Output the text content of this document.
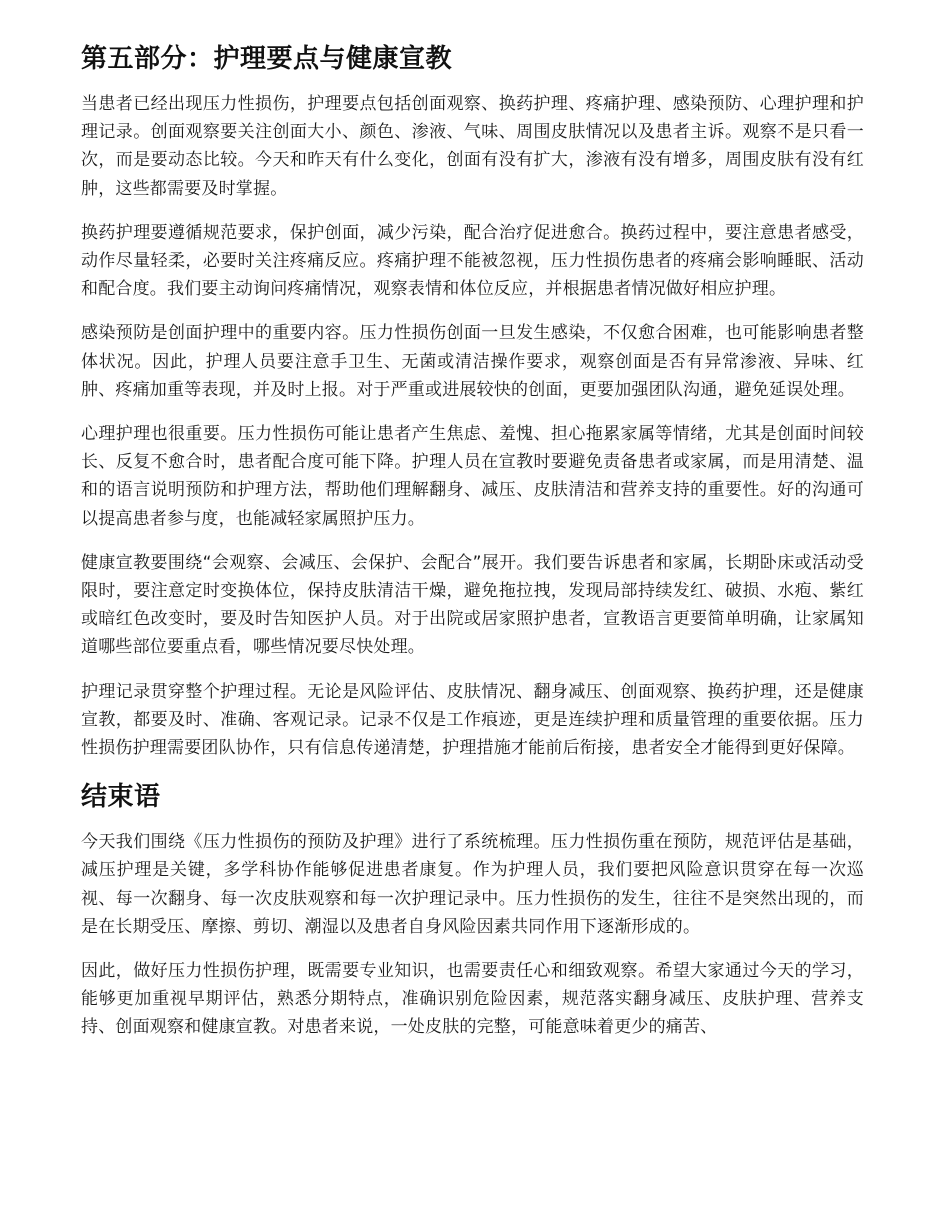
第五部分：护理要点与健康宣教

当患者已经出现压力性损伤，护理要点包括创面观察、换药护理、疼痛护理、感染预防、心理护理和护理记录。创面观察要关注创面大小、颜色、渗液、气味、周围皮肤情况以及患者主诉。观察不是只看一次，而是要动态比较。今天和昨天有什么变化，创面有没有扩大，渗液有没有增多，周围皮肤有没有红肿，这些都需要及时掌握。

换药护理要遵循规范要求，保护创面，减少污染，配合治疗促进愈合。换药过程中，要注意患者感受，动作尽量轻柔，必要时关注疼痛反应。疼痛护理不能被忽视，压力性损伤患者的疼痛会影响睡眠、活动和配合度。我们要主动询问疼痛情况，观察表情和体位反应，并根据患者情况做好相应护理。

感染预防是创面护理中的重要内容。压力性损伤创面一旦发生感染，不仅愈合困难，也可能影响患者整体状况。因此，护理人员要注意手卫生、无菌或清洁操作要求，观察创面是否有异常渗液、异味、红肿、疼痛加重等表现，并及时上报。对于严重或进展较快的创面，更要加强团队沟通，避免延误处理。

心理护理也很重要。压力性损伤可能让患者产生焦虑、羞愧、担心拖累家属等情绪，尤其是创面时间较长、反复不愈合时，患者配合度可能下降。护理人员在宣教时要避免责备患者或家属，而是用清楚、温和的语言说明预防和护理方法，帮助他们理解翻身、减压、皮肤清洁和营养支持的重要性。好的沟通可以提高患者参与度，也能减轻家属照护压力。

健康宣教要围绕“会观察、会减压、会保护、会配合”展开。我们要告诉患者和家属，长期卧床或活动受限时，要注意定时变换体位，保持皮肤清洁干燥，避免拖拉拽，发现局部持续发红、破损、水疱、紫红或暗红色改变时，要及时告知医护人员。对于出院或居家照护患者，宣教语言更要简单明确，让家属知道哪些部位要重点看，哪些情况要尽快处理。

护理记录贯穿整个护理过程。无论是风险评估、皮肤情况、翻身减压、创面观察、换药护理，还是健康宣教，都要及时、准确、客观记录。记录不仅是工作痕迹，更是连续护理和质量管理的重要依据。压力性损伤护理需要团队协作，只有信息传递清楚，护理措施才能前后衔接，患者安全才能得到更好保障。

结束语

今天我们围绕《压力性损伤的预防及护理》进行了系统梳理。压力性损伤重在预防，规范评估是基础，减压护理是关键，多学科协作能够促进患者康复。作为护理人员，我们要把风险意识贯穿在每一次巡视、每一次翻身、每一次皮肤观察和每一次护理记录中。压力性损伤的发生，往往不是突然出现的，而是在长期受压、摩擦、剪切、潮湿以及患者自身风险因素共同作用下逐渐形成的。

因此，做好压力性损伤护理，既需要专业知识，也需要责任心和细致观察。希望大家通过今天的学习，能够更加重视早期评估，熟悉分期特点，准确识别危险因素，规范落实翻身减压、皮肤护理、营养支持、创面观察和健康宣教。对患者来说，一处皮肤的完整，可能意味着更少的痛苦、
